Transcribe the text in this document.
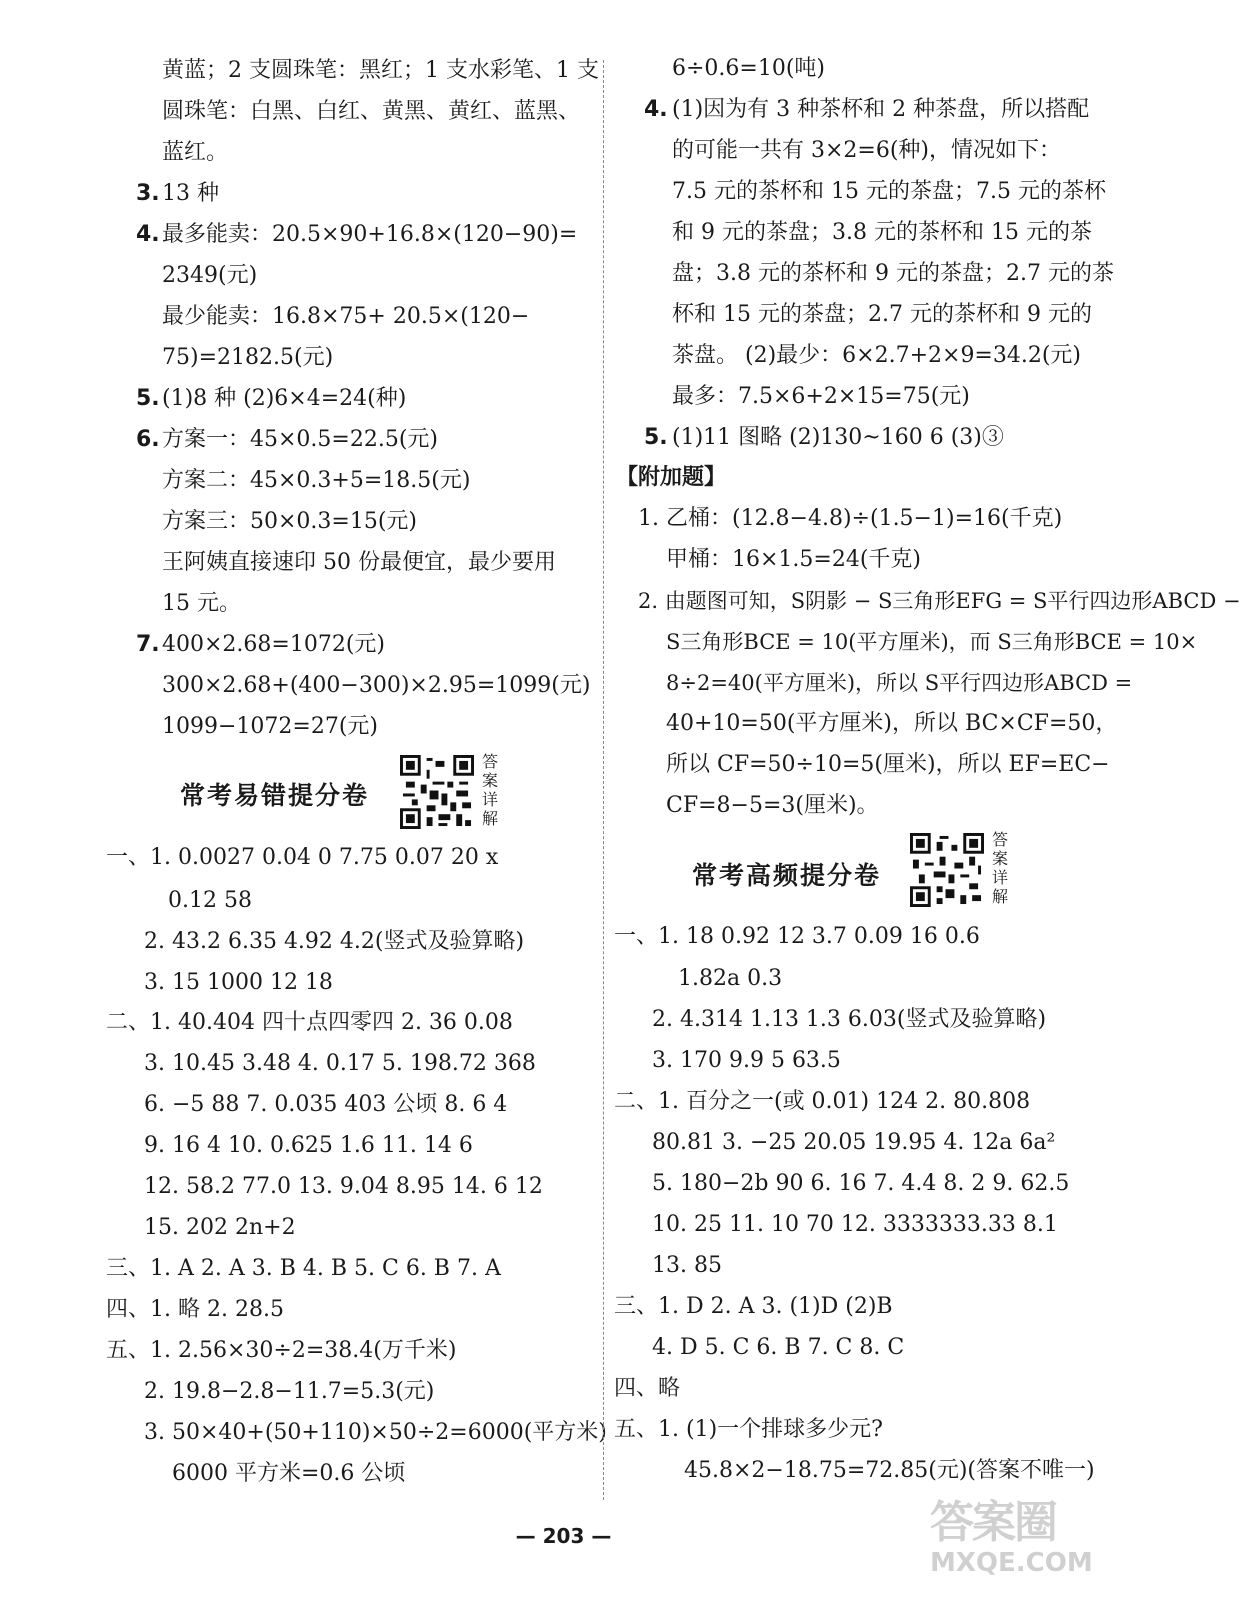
黄蓝；2 支圆珠笔：黑红；1 支水彩笔、1 支
圆珠笔：白黑、白红、黄黑、黄红、蓝黑、
蓝红。
3. 13 种
4. 最多能卖：20.5×90+16.8×(120−90)=
2349(元)
最少能卖：16.8×75+ 20.5×(120−
75)=2182.5(元)
5. (1)8 种 (2)6×4=24(种)
6. 方案一：45×0.5=22.5(元)
方案二：45×0.3+5=18.5(元)
方案三：50×0.3=15(元)
王阿姨直接速印 50 份最便宜，最少要用
15 元。
7. 400×2.68=1072(元)
300×2.68+(400−300)×2.95=1099(元)
1099−1072=27(元)
常考易错提分卷
答案详解
一、1. 0.0027 0.04 0 7.75 0.07 20 x
0.12 58
2. 43.2 6.35 4.92 4.2(竖式及验算略)
3. 15 1000 12 18
二、1. 40.404 四十点四零四 2. 36 0.08
3. 10.45 3.48 4. 0.17 5. 198.72 368
6. −5 88 7. 0.035 403 公顷 8. 6 4
9. 16 4 10. 0.625 1.6 11. 14 6
12. 58.2 77.0 13. 9.04 8.95 14. 6 12
15. 202 2n+2
三、1. A 2. A 3. B 4. B 5. C 6. B 7. A
四、1. 略 2. 28.5
五、1. 2.56×30÷2=38.4(万千米)
2. 19.8−2.8−11.7=5.3(元)
3. 50×40+(50+110)×50÷2=6000(平方米)
6000 平方米=0.6 公顷
6÷0.6=10(吨)
4. (1)因为有 3 种茶杯和 2 种茶盘，所以搭配
的可能一共有 3×2=6(种)，情况如下：
7.5 元的茶杯和 15 元的茶盘；7.5 元的茶杯
和 9 元的茶盘；3.8 元的茶杯和 15 元的茶
盘；3.8 元的茶杯和 9 元的茶盘；2.7 元的茶
杯和 15 元的茶盘；2.7 元的茶杯和 9 元的
茶盘。 (2)最少：6×2.7+2×9=34.2(元)
最多：7.5×6+2×15=75(元)
5. (1)11 图略 (2)130~160 6 (3)③
【附加题】
1. 乙桶：(12.8−4.8)÷(1.5−1)=16(千克)
甲桶：16×1.5=24(千克)
2. 由题图可知，S阴影 − S三角形EFG = S平行四边形ABCD −
S三角形BCE = 10(平方厘米)，而 S三角形BCE = 10×
8÷2=40(平方厘米)，所以 S平行四边形ABCD =
40+10=50(平方厘米)，所以 BC×CF=50，
所以 CF=50÷10=5(厘米)，所以 EF=EC−
CF=8−5=3(厘米)。
常考高频提分卷
答案详解
一、1. 18 0.92 12 3.7 0.09 16 0.6
1.82a 0.3
2. 4.314 1.13 1.3 6.03(竖式及验算略)
3. 170 9.9 5 63.5
二、1. 百分之一(或 0.01) 124 2. 80.808
80.81 3. −25 20.05 19.95 4. 12a 6a²
5. 180−2b 90 6. 16 7. 4.4 8. 2 9. 62.5
10. 25 11. 10 70 12. 3333333.33 8.1
13. 85
三、1. D 2. A 3. (1)D (2)B
4. D 5. C 6. B 7. C 8. C
四、略
五、1. (1)一个排球多少元?
45.8×2−18.75=72.85(元)(答案不唯一)
— 203 —	答案圈
MXQE.COM
